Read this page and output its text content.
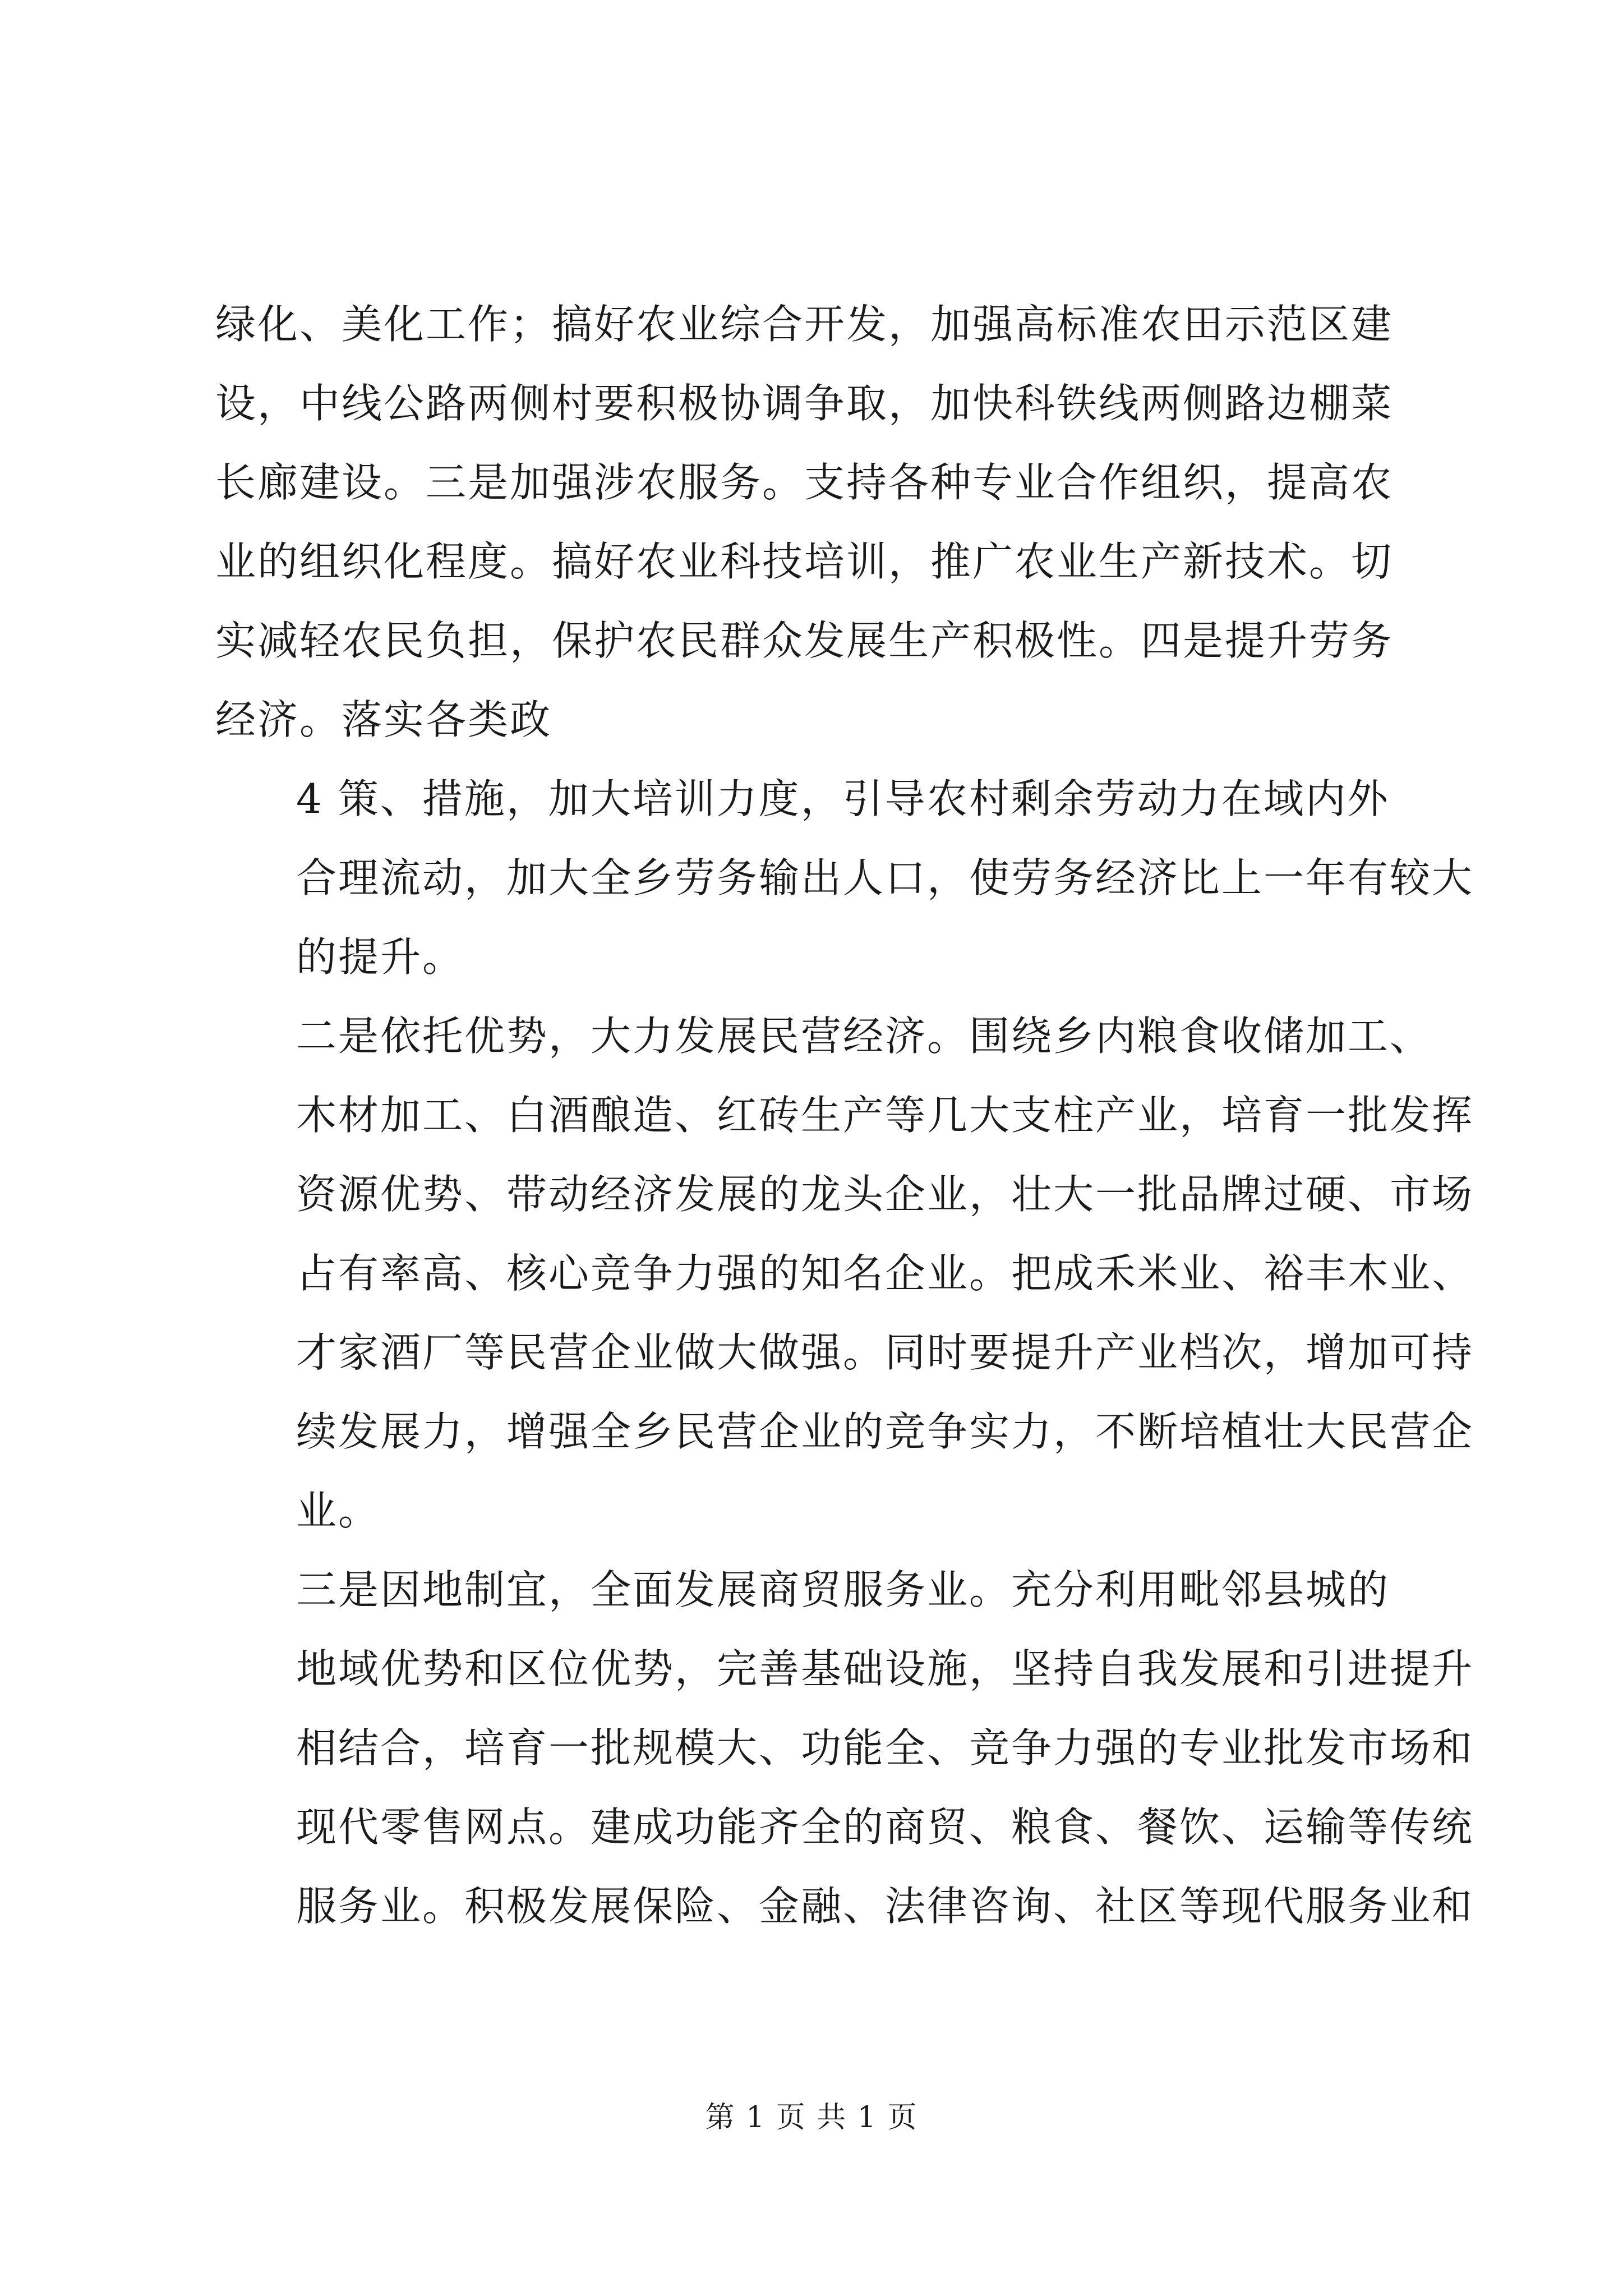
绿化、美化工作；搞好农业综合开发，加强高标准农田示范区建
设，中线公路两侧村要积极协调争取，加快科铁线两侧路边棚菜
长廊建设。三是加强涉农服务。支持各种专业合作组织，提高农
业的组织化程度。搞好农业科技培训，推广农业生产新技术。切
实减轻农民负担，保护农民群众发展生产积极性。四是提升劳务
经济。落实各类政
4 策、措施，加大培训力度，引导农村剩余劳动力在域内外
合理流动，加大全乡劳务输出人口，使劳务经济比上一年有较大
的提升。
二是依托优势，大力发展民营经济。围绕乡内粮食收储加工、
木材加工、白酒酿造、红砖生产等几大支柱产业，培育一批发挥
资源优势、带动经济发展的龙头企业，壮大一批品牌过硬、市场
占有率高、核心竞争力强的知名企业。把成禾米业、裕丰木业、
才家酒厂等民营企业做大做强。同时要提升产业档次，增加可持
续发展力，增强全乡民营企业的竞争实力，不断培植壮大民营企
业。
三是因地制宜，全面发展商贸服务业。充分利用毗邻县城的
地域优势和区位优势，完善基础设施，坚持自我发展和引进提升
相结合，培育一批规模大、功能全、竞争力强的专业批发市场和
现代零售网点。建成功能齐全的商贸、粮食、餐饮、运输等传统
服务业。积极发展保险、金融、法律咨询、社区等现代服务业和
第 1 页 共 1 页
